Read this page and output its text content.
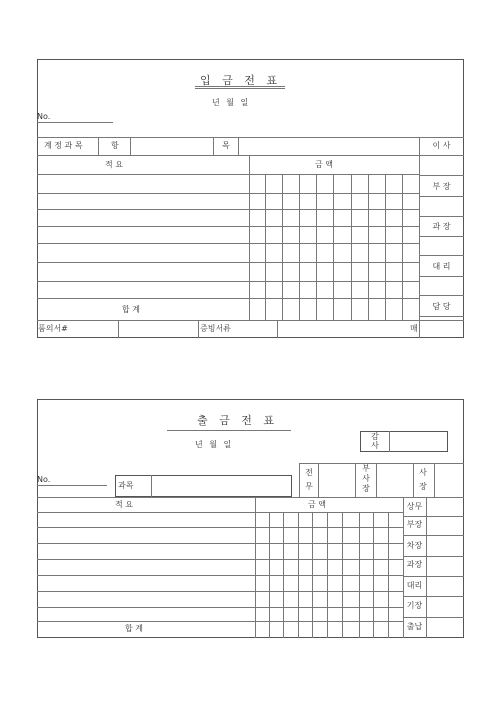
입 금 전 표
년 월 일
No.
계 정 과 목	항	목	이 사
부 장
과 장
대 리
담 당
적 요	금 액
합 계
품의서#	증빙서류	매
출 금 전 표
년 월 일
감사
전무
부사장
사장
No.
과목
적 요	금 액
합 계
상무
부장
차장
과장
대리
기장
출납
